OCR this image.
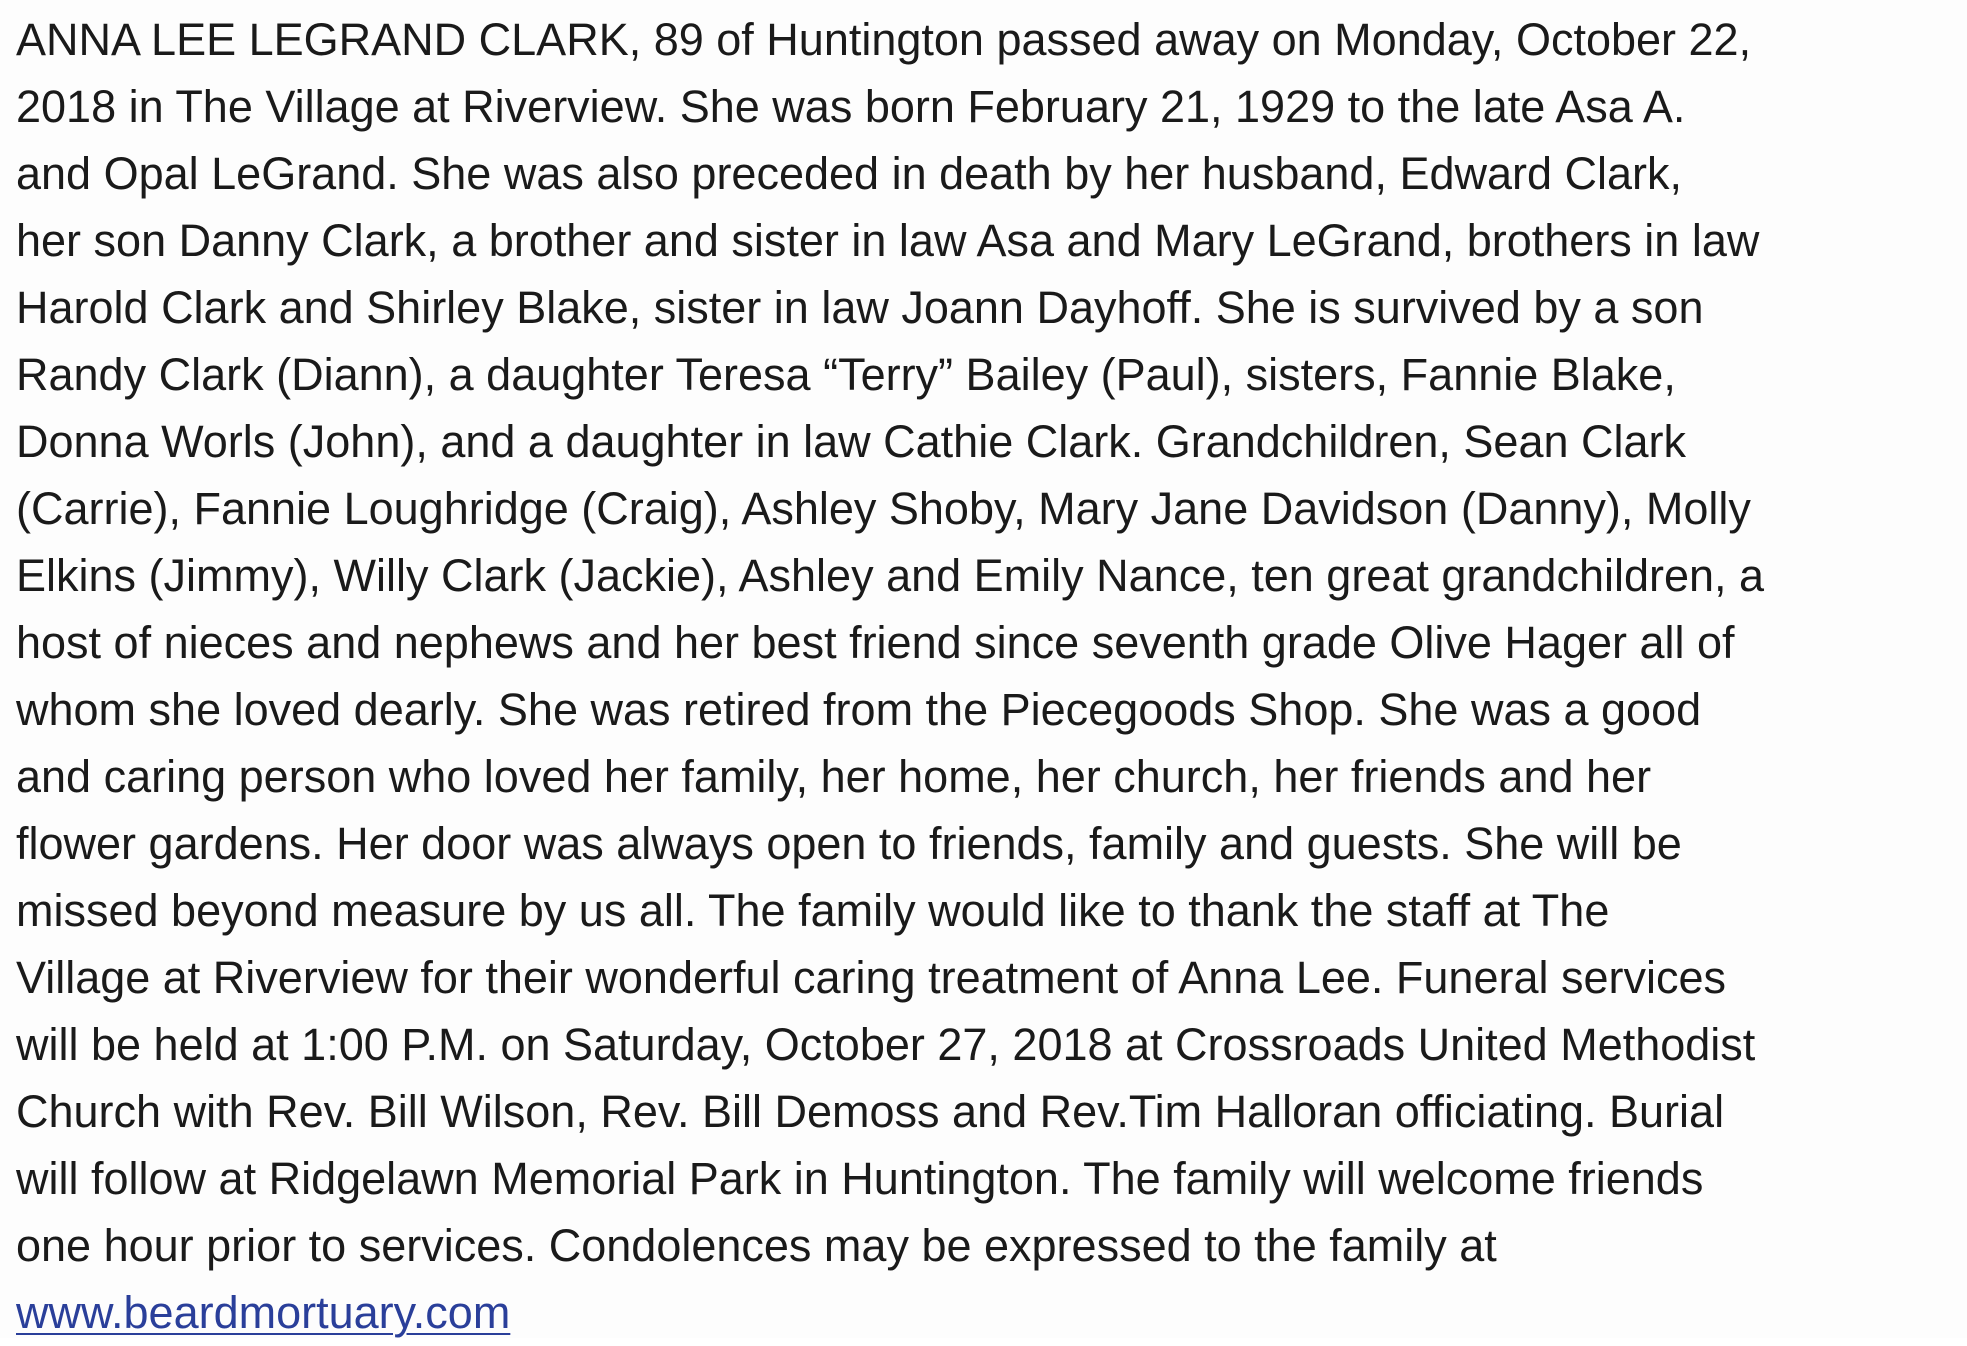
ANNA LEE LEGRAND CLARK, 89 of Huntington passed away on Monday, October 22,
2018 in The Village at Riverview. She was born February 21, 1929 to the late Asa A.
and Opal LeGrand. She was also preceded in death by her husband, Edward Clark,
her son Danny Clark, a brother and sister in law Asa and Mary LeGrand, brothers in law
Harold Clark and Shirley Blake, sister in law Joann Dayhoff. She is survived by a son
Randy Clark (Diann), a daughter Teresa “Terry” Bailey (Paul), sisters, Fannie Blake,
Donna Worls (John), and a daughter in law Cathie Clark. Grandchildren, Sean Clark
(Carrie), Fannie Loughridge (Craig), Ashley Shoby, Mary Jane Davidson (Danny), Molly
Elkins (Jimmy), Willy Clark (Jackie), Ashley and Emily Nance, ten great grandchildren, a
host of nieces and nephews and her best friend since seventh grade Olive Hager all of
whom she loved dearly. She was retired from the Piecegoods Shop. She was a good
and caring person who loved her family, her home, her church, her friends and her
flower gardens. Her door was always open to friends, family and guests. She will be
missed beyond measure by us all. The family would like to thank the staff at The
Village at Riverview for their wonderful caring treatment of Anna Lee. Funeral services
will be held at 1:00 P.M. on Saturday, October 27, 2018 at Crossroads United Methodist
Church with Rev. Bill Wilson, Rev. Bill Demoss and Rev.Tim Halloran officiating. Burial
will follow at Ridgelawn Memorial Park in Huntington. The family will welcome friends
one hour prior to services. Condolences may be expressed to the family at
www.beardmortuary.com
